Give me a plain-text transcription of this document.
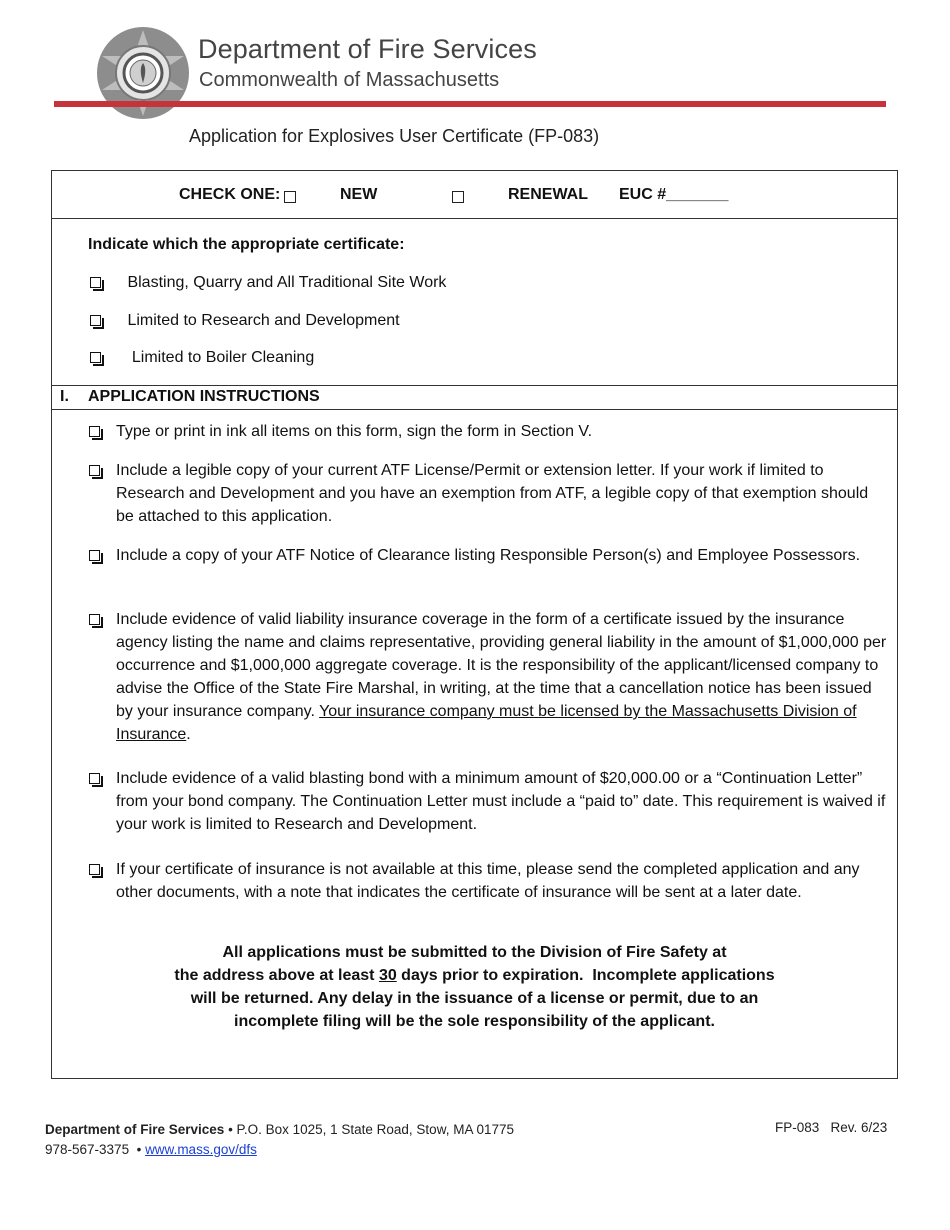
Department of Fire Services
Commonwealth of Massachusetts
Application for Explosives User Certificate (FP-083)
CHECK ONE:	NEW	RENEWAL EUC #_______
Indicate which the appropriate certificate:
Blasting, Quarry and All Traditional Site Work
Limited to Research and Development
Limited to Boiler Cleaning
I. APPLICATION INSTRUCTIONS
Type or print in ink all items on this form, sign the form in Section V.
Include a legible copy of your current ATF License/Permit or extension letter. If your work if limited to Research and Development and you have an exemption from ATF, a legible copy of that exemption should be attached to this application.
Include a copy of your ATF Notice of Clearance listing Responsible Person(s) and Employee Possessors.
Include evidence of valid liability insurance coverage in the form of a certificate issued by the insurance agency listing the name and claims representative, providing general liability in the amount of $1,000,000 per occurrence and $1,000,000 aggregate coverage. It is the responsibility of the applicant/licensed company to advise the Office of the State Fire Marshal, in writing, at the time that a cancellation notice has been issued by your insurance company. Your insurance company must be licensed by the Massachusetts Division of Insurance.
Include evidence of a valid blasting bond with a minimum amount of $20,000.00 or a “Continuation Letter” from your bond company. The Continuation Letter must include a “paid to” date. This requirement is waived if your work is limited to Research and Development.
If your certificate of insurance is not available at this time, please send the completed application and any other documents, with a note that indicates the certificate of insurance will be sent at a later date.
All applications must be submitted to the Division of Fire Safety at
the address above at least 30 days prior to expiration.  Incomplete applications
will be returned. Any delay in the issuance of a license or permit, due to an
incomplete filing will be the sole responsibility of the applicant.
Department of Fire Services • P.O. Box 1025, 1 State Road, Stow, MA 01775
978-567-3375  • www.mass.gov/dfs
FP-083   Rev. 6/23
